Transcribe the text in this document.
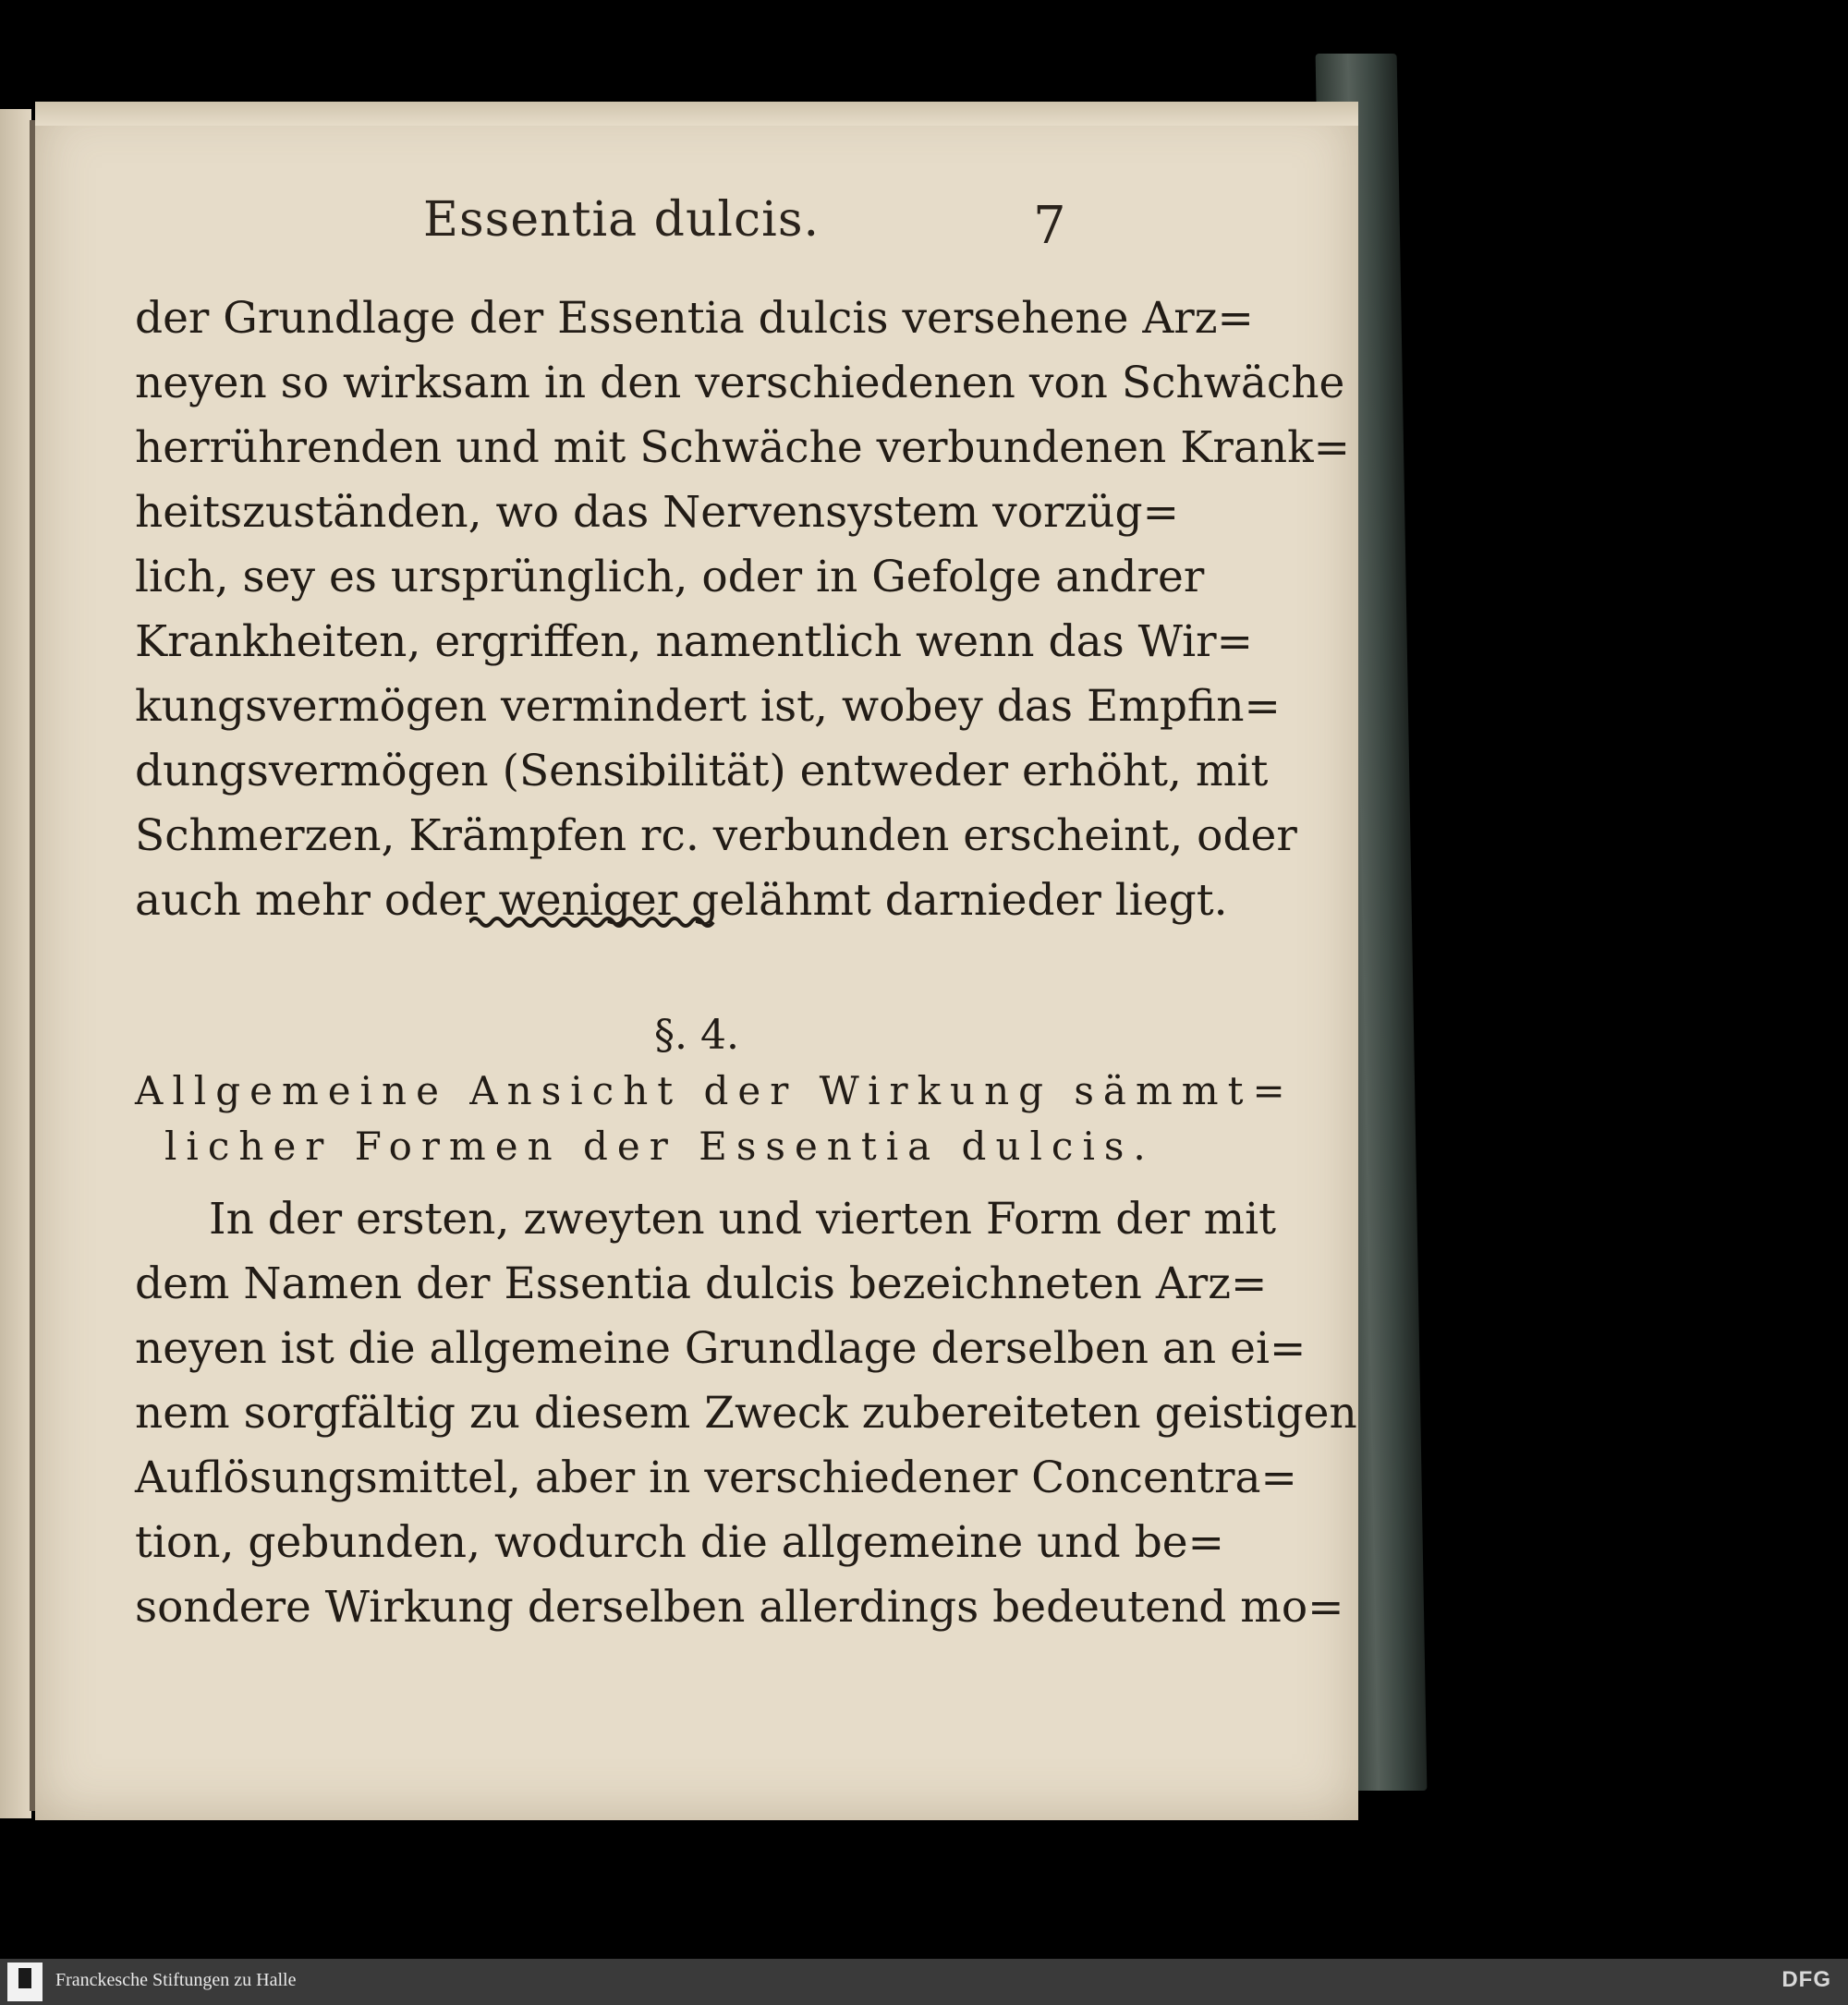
Essentia dulcis.	7
der Grundlage der Essentia dulcis versehene Arz=
neyen so wirksam in den verschiedenen von Schwäche
herrührenden und mit Schwäche verbundenen Krank=
heitszuständen, wo das Nervensystem vorzüg=
lich, sey es ursprünglich, oder in Gefolge andrer
Krankheiten, ergriffen, namentlich wenn das Wir=
kungsvermögen vermindert ist, wobey das Empfin=
dungsvermögen (Sensibilität) entweder erhöht, mit
Schmerzen, Krämpfen rc. verbunden erscheint, oder
auch mehr oder weniger gelähmt darnieder liegt.
§. 4.
Allgemeine Ansicht der Wirkung sämmt=
licher Formen der Essentia dulcis.
In der ersten, zweyten und vierten Form der mit
dem Namen der Essentia dulcis bezeichneten Arz=
neyen ist die allgemeine Grundlage derselben an ei=
nem sorgfältig zu diesem Zweck zubereiteten geistigen
Auflösungsmittel, aber in verschiedener Concentra=
tion, gebunden, wodurch die allgemeine und be=
sondere Wirkung derselben allerdings bedeutend mo=
Franckesche Stiftungen zu Halle	DFG
